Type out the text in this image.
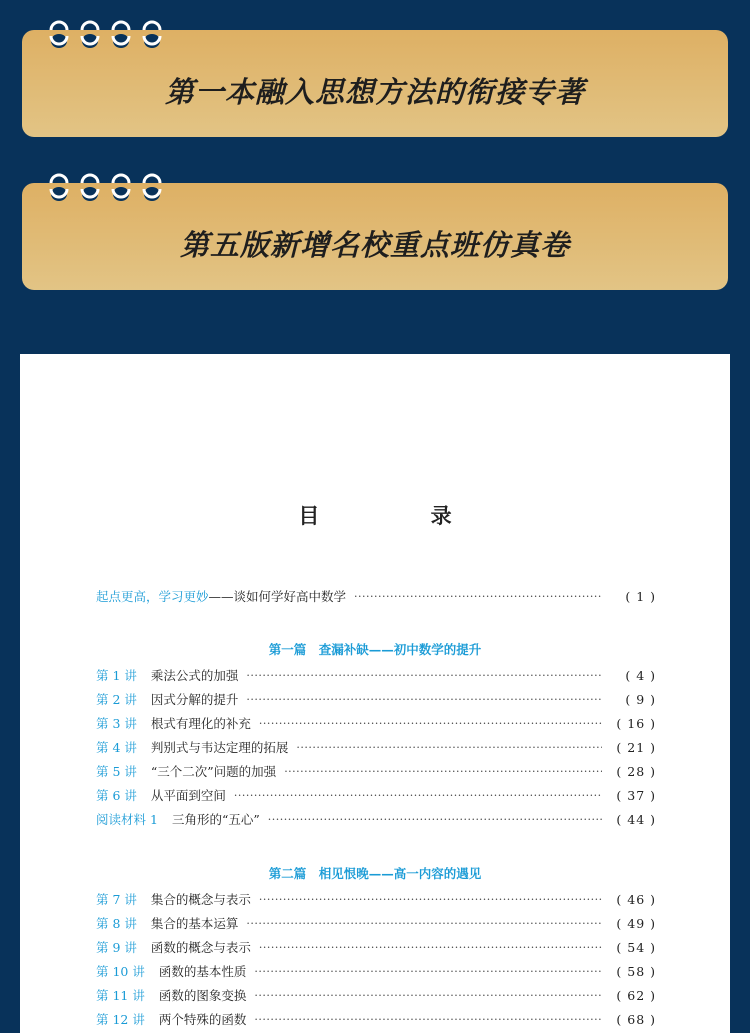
第一本融入思想方法的衔接专著
第五版新增名校重点班仿真卷
目 录
起点更高，学习更妙 ——谈如何学好高中数学 ·····	( 1 )
第一篇　查漏补缺——初中数学的提升
第 1 讲 乘法公式的加强 ·····	( 4 )
第 2 讲 因式分解的提升 ·····	( 9 )
第 3 讲 根式有理化的补充 ·····	( 16 )
第 4 讲 判别式与韦达定理的拓展 ·····	( 21 )
第 5 讲 “三个二次”问题的加强 ·····	( 28 )
第 6 讲 从平面到空间 ·····	( 37 )
阅读材料 1 三角形的“五心” ·····	( 44 )
第二篇　相见恨晚——高一内容的遇见
第 7 讲 集合的概念与表示 ·····	( 46 )
第 8 讲 集合的基本运算 ·····	( 49 )
第 9 讲 函数的概念与表示 ·····	( 54 )
第 10 讲 函数的基本性质 ·····	( 58 )
第 11 讲 函数的图象变换 ·····	( 62 )
第 12 讲 两个特殊的函数 ·····	( 68 )
